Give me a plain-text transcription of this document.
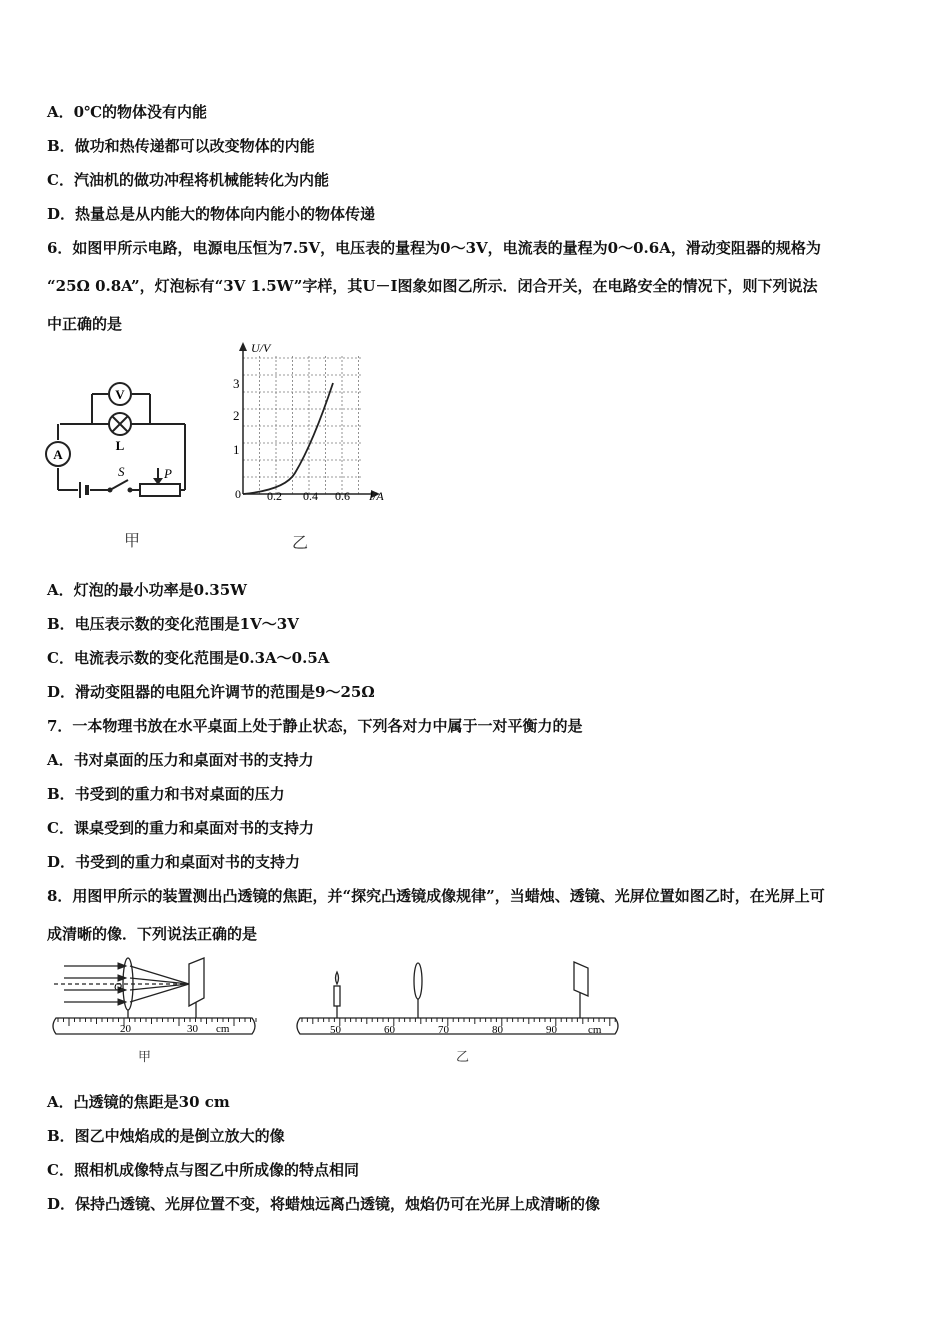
A．0℃的物体没有内能
B．做功和热传递都可以改变物体的内能
C．汽油机的做功冲程将机械能转化为内能
D．热量总是从内能大的物体向内能小的物体传递
6．如图甲所示电路，电源电压恒为7.5V，电压表的量程为0～3V，电流表的量程为0～0.6A，滑动变阻器的规格为
“25Ω 0.8A”，灯泡标有“3V 1.5W”字样，其U－I图象如图乙所示．闭合开关，在电路安全的情况下，则下列说法
中正确的是
V
L
A
S	P
甲
U/V
I/A
1
2
3
0 0.2 0.4 0.6
乙
A．灯泡的最小功率是0.35W
B．电压表示数的变化范围是1V～3V
C．电流表示数的变化范围是0.3A～0.5A
D．滑动变阻器的电阻允许调节的范围是9～25Ω
7．一本物理书放在水平桌面上处于静止状态，下列各对力中属于一对平衡力的是
A．书对桌面的压力和桌面对书的支持力
B．书受到的重力和书对桌面的压力
C．课桌受到的重力和桌面对书的支持力
D．书受到的重力和桌面对书的支持力
8．用图甲所示的装置测出凸透镜的焦距，并“探究凸透镜成像规律”，当蜡烛、透镜、光屏位置如图乙时，在光屏上可
成清晰的像．下列说法正确的是
O
20	30 cm
甲
50	60	70	80	90	cm
乙
A．凸透镜的焦距是30 cm
B．图乙中烛焰成的是倒立放大的像
C．照相机成像特点与图乙中所成像的特点相同
D．保持凸透镜、光屏位置不变，将蜡烛远离凸透镜，烛焰仍可在光屏上成清晰的像
